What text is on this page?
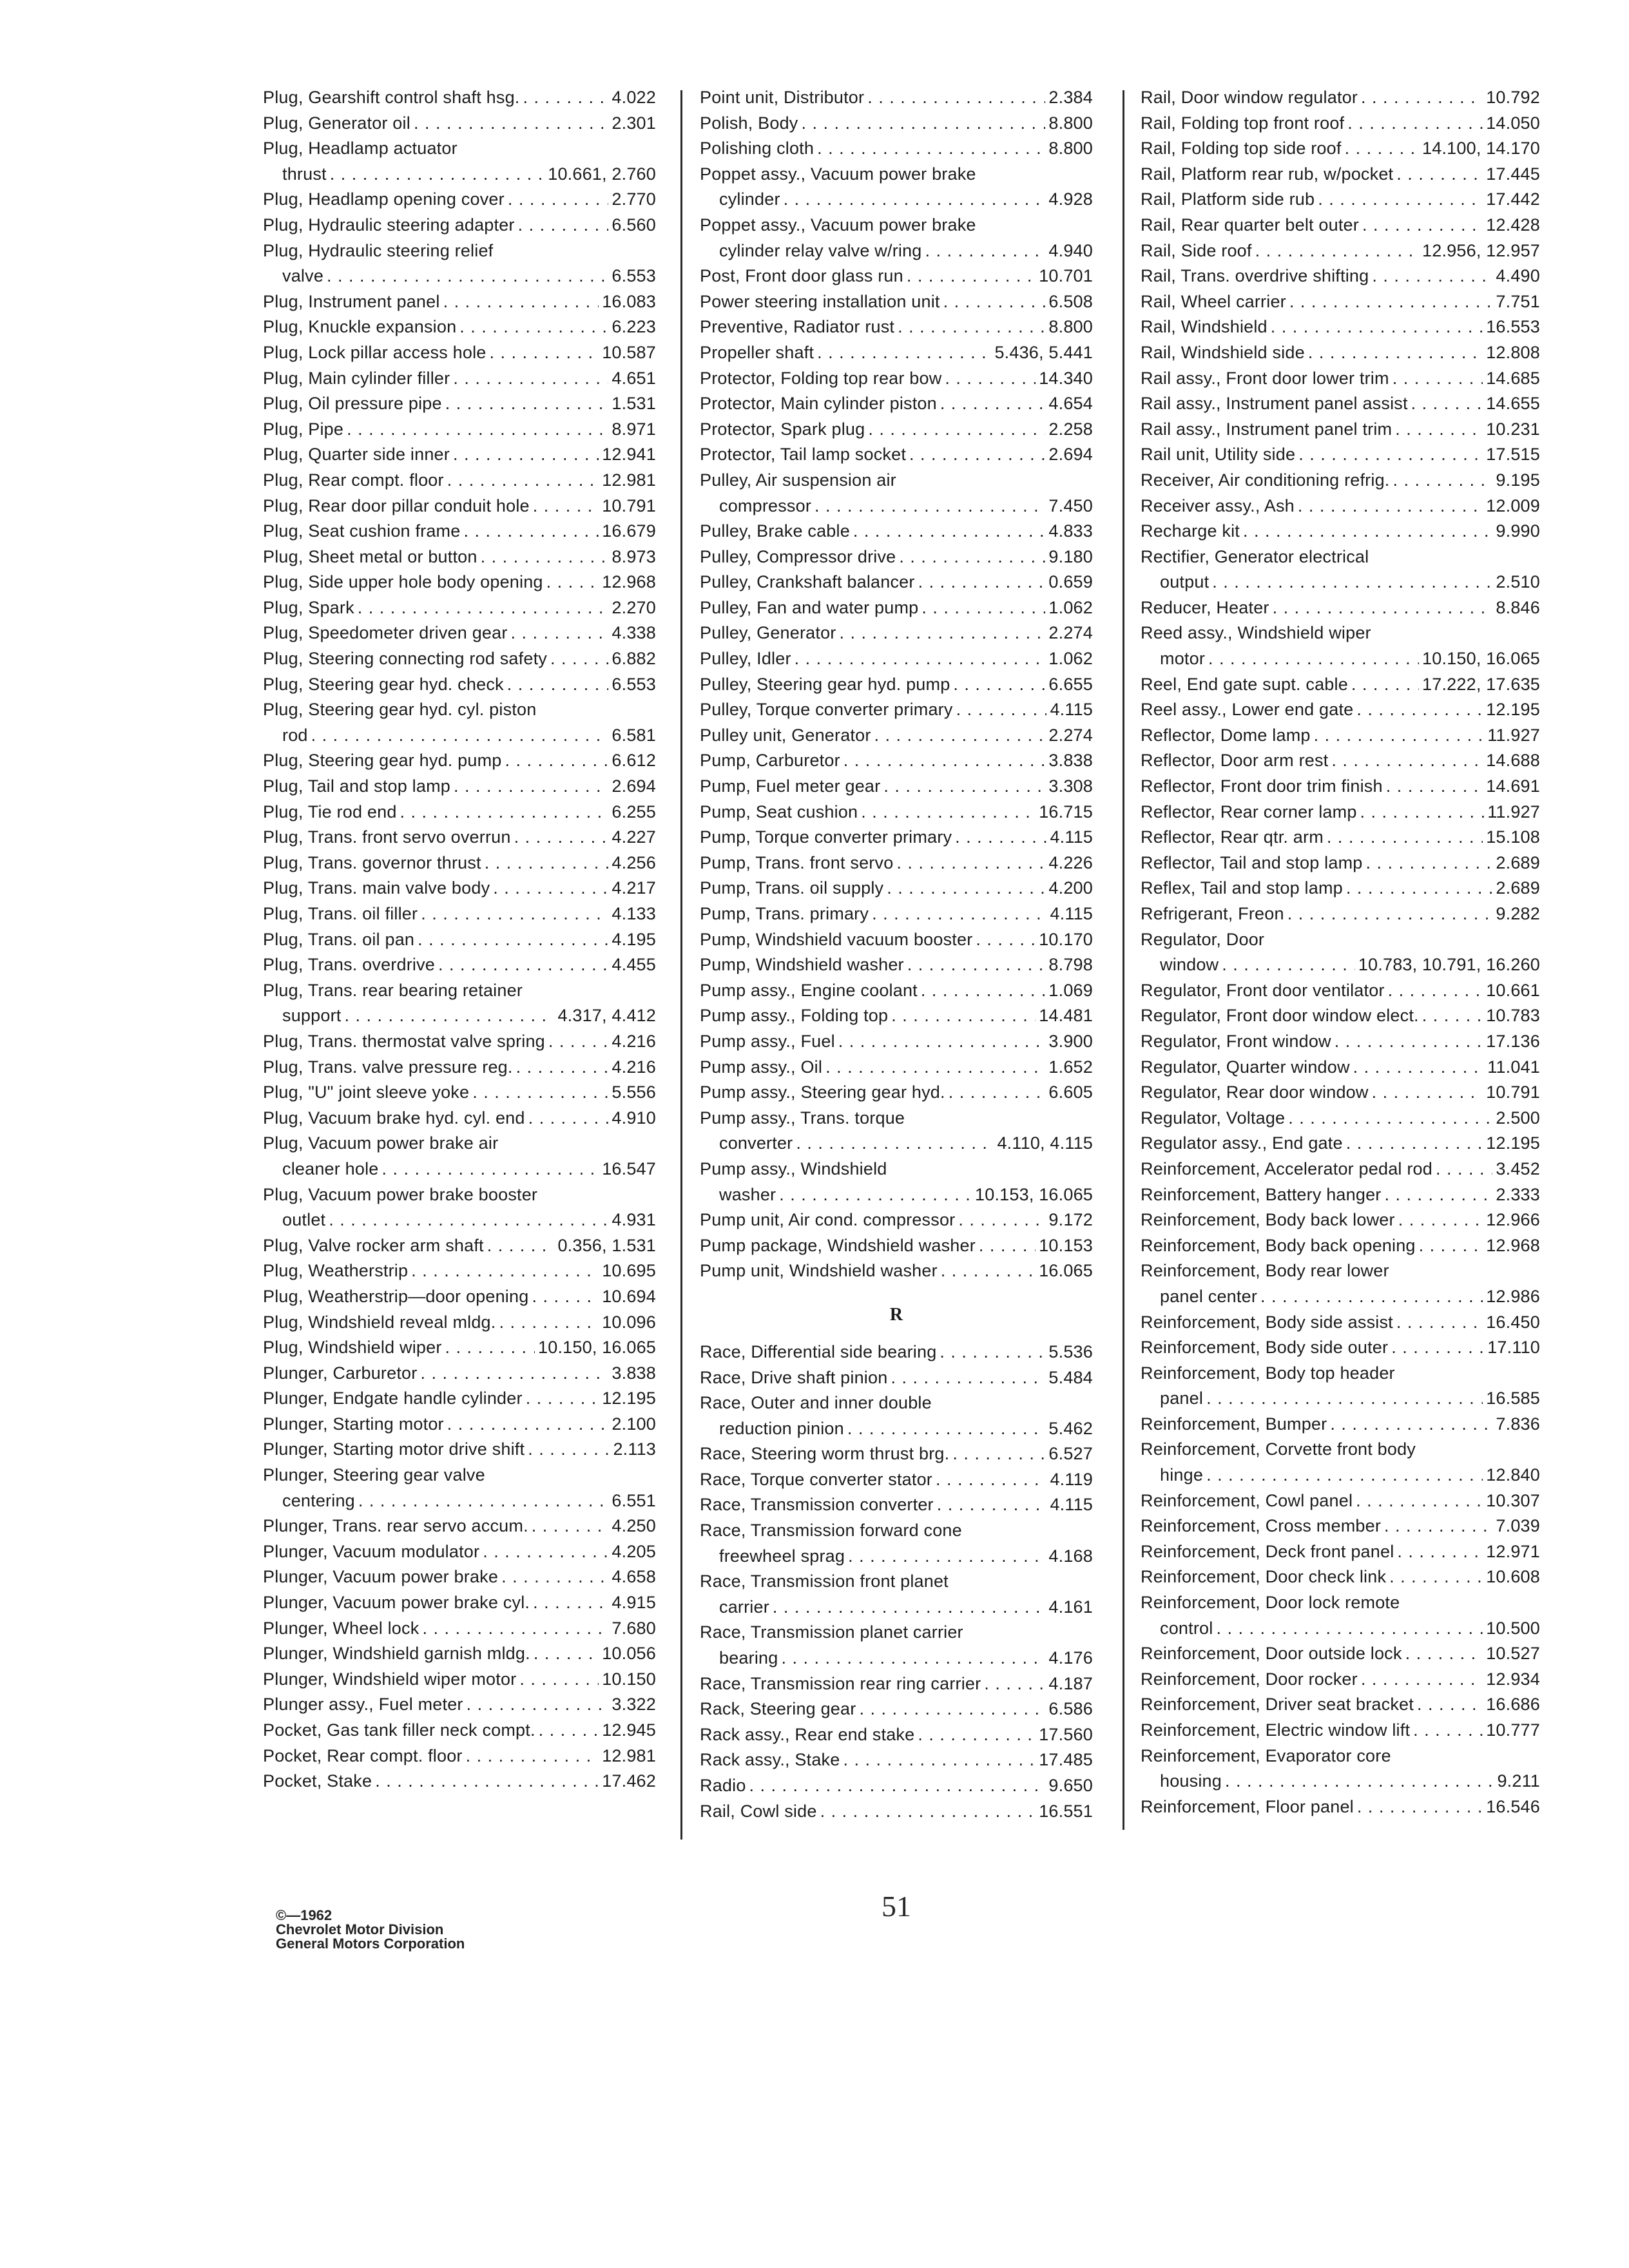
Plug, Gearshift control shaft hsg. . . .	4.022
Plug, Generator oil . . .	2.301
Plug, Headlamp actuator
thrust . . .	10.661, 2.760
Plug, Headlamp opening cover . . .	2.770
Plug, Hydraulic steering adapter . . .	6.560
Plug, Hydraulic steering relief
valve . . .	6.553
Plug, Instrument panel . . .	16.083
Plug, Knuckle expansion . . .	6.223
Plug, Lock pillar access hole . . .	10.587
Plug, Main cylinder filler . . .	4.651
Plug, Oil pressure pipe . . .	1.531
Plug, Pipe . . .	8.971
Plug, Quarter side inner . . .	12.941
Plug, Rear compt. floor . . .	12.981
Plug, Rear door pillar conduit hole . . .	10.791
Plug, Seat cushion frame . . .	16.679
Plug, Sheet metal or button . . .	8.973
Plug, Side upper hole body opening . . .	12.968
Plug, Spark . . .	2.270
Plug, Speedometer driven gear . . .	4.338
Plug, Steering connecting rod safety . . .	6.882
Plug, Steering gear hyd. check . . .	6.553
Plug, Steering gear hyd. cyl. piston
rod . . .	6.581
Plug, Steering gear hyd. pump . . .	6.612
Plug, Tail and stop lamp . . .	2.694
Plug, Tie rod end . . .	6.255
Plug, Trans. front servo overrun . . .	4.227
Plug, Trans. governor thrust . . .	4.256
Plug, Trans. main valve body . . .	4.217
Plug, Trans. oil filler . . .	4.133
Plug, Trans. oil pan . . .	4.195
Plug, Trans. overdrive . . .	4.455
Plug, Trans. rear bearing retainer
support . . .	4.317, 4.412
Plug, Trans. thermostat valve spring . . .	4.216
Plug, Trans. valve pressure reg. . . .	4.216
Plug, "U" joint sleeve yoke . . .	5.556
Plug, Vacuum brake hyd. cyl. end . . .	4.910
Plug, Vacuum power brake air
cleaner hole . . .	16.547
Plug, Vacuum power brake booster
outlet . . .	4.931
Plug, Valve rocker arm shaft . . .	0.356, 1.531
Plug, Weatherstrip . . .	10.695
Plug, Weatherstrip—door opening . . .	10.694
Plug, Windshield reveal mldg. . . .	10.096
Plug, Windshield wiper . . .	10.150, 16.065
Plunger, Carburetor . . .	3.838
Plunger, Endgate handle cylinder . . .	12.195
Plunger, Starting motor . . .	2.100
Plunger, Starting motor drive shift . . .	2.113
Plunger, Steering gear valve
centering . . .	6.551
Plunger, Trans. rear servo accum. . . .	4.250
Plunger, Vacuum modulator . . .	4.205
Plunger, Vacuum power brake . . .	4.658
Plunger, Vacuum power brake cyl. . . .	4.915
Plunger, Wheel lock . . .	7.680
Plunger, Windshield garnish mldg. . . .	10.056
Plunger, Windshield wiper motor . . .	10.150
Plunger assy., Fuel meter . . .	3.322
Pocket, Gas tank filler neck compt. . . .	12.945
Pocket, Rear compt. floor . . .	12.981
Pocket, Stake . . .	17.462
Point unit, Distributor . . .	2.384
Polish, Body . . .	8.800
Polishing cloth . . .	8.800
Poppet assy., Vacuum power brake
cylinder . . .	4.928
Poppet assy., Vacuum power brake
cylinder relay valve w/ring . . .	4.940
Post, Front door glass run . . .	10.701
Power steering installation unit . . .	6.508
Preventive, Radiator rust . . .	8.800
Propeller shaft . . .	5.436, 5.441
Protector, Folding top rear bow . . .	14.340
Protector, Main cylinder piston . . .	4.654
Protector, Spark plug . . .	2.258
Protector, Tail lamp socket . . .	2.694
Pulley, Air suspension air
compressor . . .	7.450
Pulley, Brake cable . . .	4.833
Pulley, Compressor drive . . .	9.180
Pulley, Crankshaft balancer . . .	0.659
Pulley, Fan and water pump . . .	1.062
Pulley, Generator . . .	2.274
Pulley, Idler . . .	1.062
Pulley, Steering gear hyd. pump . . .	6.655
Pulley, Torque converter primary . . .	4.115
Pulley unit, Generator . . .	2.274
Pump, Carburetor . . .	3.838
Pump, Fuel meter gear . . .	3.308
Pump, Seat cushion . . .	16.715
Pump, Torque converter primary . . .	4.115
Pump, Trans. front servo . . .	4.226
Pump, Trans. oil supply . . .	4.200
Pump, Trans. primary . . .	4.115
Pump, Windshield vacuum booster . . .	10.170
Pump, Windshield washer . . .	8.798
Pump assy., Engine coolant . . .	1.069
Pump assy., Folding top . . .	14.481
Pump assy., Fuel . . .	3.900
Pump assy., Oil . . .	1.652
Pump assy., Steering gear hyd. . . .	6.605
Pump assy., Trans. torque
converter . . .	4.110, 4.115
Pump assy., Windshield
washer . . .	10.153, 16.065
Pump unit, Air cond. compressor . . .	9.172
Pump package, Windshield washer . . .	10.153
Pump unit, Windshield washer . . .	16.065
R
Race, Differential side bearing . . .	5.536
Race, Drive shaft pinion . . .	5.484
Race, Outer and inner double
reduction pinion . . .	5.462
Race, Steering worm thrust brg. . . .	6.527
Race, Torque converter stator . . .	4.119
Race, Transmission converter . . .	4.115
Race, Transmission forward cone
freewheel sprag . . .	4.168
Race, Transmission front planet
carrier . . .	4.161
Race, Transmission planet carrier
bearing . . .	4.176
Race, Transmission rear ring carrier . . .	4.187
Rack, Steering gear . . .	6.586
Rack assy., Rear end stake . . .	17.560
Rack assy., Stake . . .	17.485
Radio . . .	9.650
Rail, Cowl side . . .	16.551
Rail, Door window regulator . . .	10.792
Rail, Folding top front roof . . .	14.050
Rail, Folding top side roof . . .	14.100, 14.170
Rail, Platform rear rub, w/pocket . . .	17.445
Rail, Platform side rub . . .	17.442
Rail, Rear quarter belt outer . . .	12.428
Rail, Side roof . . .	12.956, 12.957
Rail, Trans. overdrive shifting . . .	4.490
Rail, Wheel carrier . . .	7.751
Rail, Windshield . . .	16.553
Rail, Windshield side . . .	12.808
Rail assy., Front door lower trim . . .	14.685
Rail assy., Instrument panel assist . . .	14.655
Rail assy., Instrument panel trim . . .	10.231
Rail unit, Utility side . . .	17.515
Receiver, Air conditioning refrig. . . .	9.195
Receiver assy., Ash . . .	12.009
Recharge kit . . .	9.990
Rectifier, Generator electrical
output . . .	2.510
Reducer, Heater . . .	8.846
Reed assy., Windshield wiper
motor . . .	10.150, 16.065
Reel, End gate supt. cable . . .	17.222, 17.635
Reel assy., Lower end gate . . .	12.195
Reflector, Dome lamp . . .	11.927
Reflector, Door arm rest . . .	14.688
Reflector, Front door trim finish . . .	14.691
Reflector, Rear corner lamp . . .	11.927
Reflector, Rear qtr. arm . . .	15.108
Reflector, Tail and stop lamp . . .	2.689
Reflex, Tail and stop lamp . . .	2.689
Refrigerant, Freon . . .	9.282
Regulator, Door
window . . .	10.783, 10.791, 16.260
Regulator, Front door ventilator . . .	10.661
Regulator, Front door window elect. . . .	10.783
Regulator, Front window . . .	17.136
Regulator, Quarter window . . .	11.041
Regulator, Rear door window . . .	10.791
Regulator, Voltage . . .	2.500
Regulator assy., End gate . . .	12.195
Reinforcement, Accelerator pedal rod . . .	3.452
Reinforcement, Battery hanger . . .	2.333
Reinforcement, Body back lower . . .	12.966
Reinforcement, Body back opening . . .	12.968
Reinforcement, Body rear lower
panel center . . .	12.986
Reinforcement, Body side assist . . .	16.450
Reinforcement, Body side outer . . .	17.110
Reinforcement, Body top header
panel . . .	16.585
Reinforcement, Bumper . . .	7.836
Reinforcement, Corvette front body
hinge . . .	12.840
Reinforcement, Cowl panel . . .	10.307
Reinforcement, Cross member . . .	7.039
Reinforcement, Deck front panel . . .	12.971
Reinforcement, Door check link . . .	10.608
Reinforcement, Door lock remote
control . . .	10.500
Reinforcement, Door outside lock . . .	10.527
Reinforcement, Door rocker . . .	12.934
Reinforcement, Driver seat bracket . . .	16.686
Reinforcement, Electric window lift . . .	10.777
Reinforcement, Evaporator core
housing . . .	9.211
Reinforcement, Floor panel . . .	16.546
©—1962
Chevrolet Motor Division
General Motors Corporation
51
